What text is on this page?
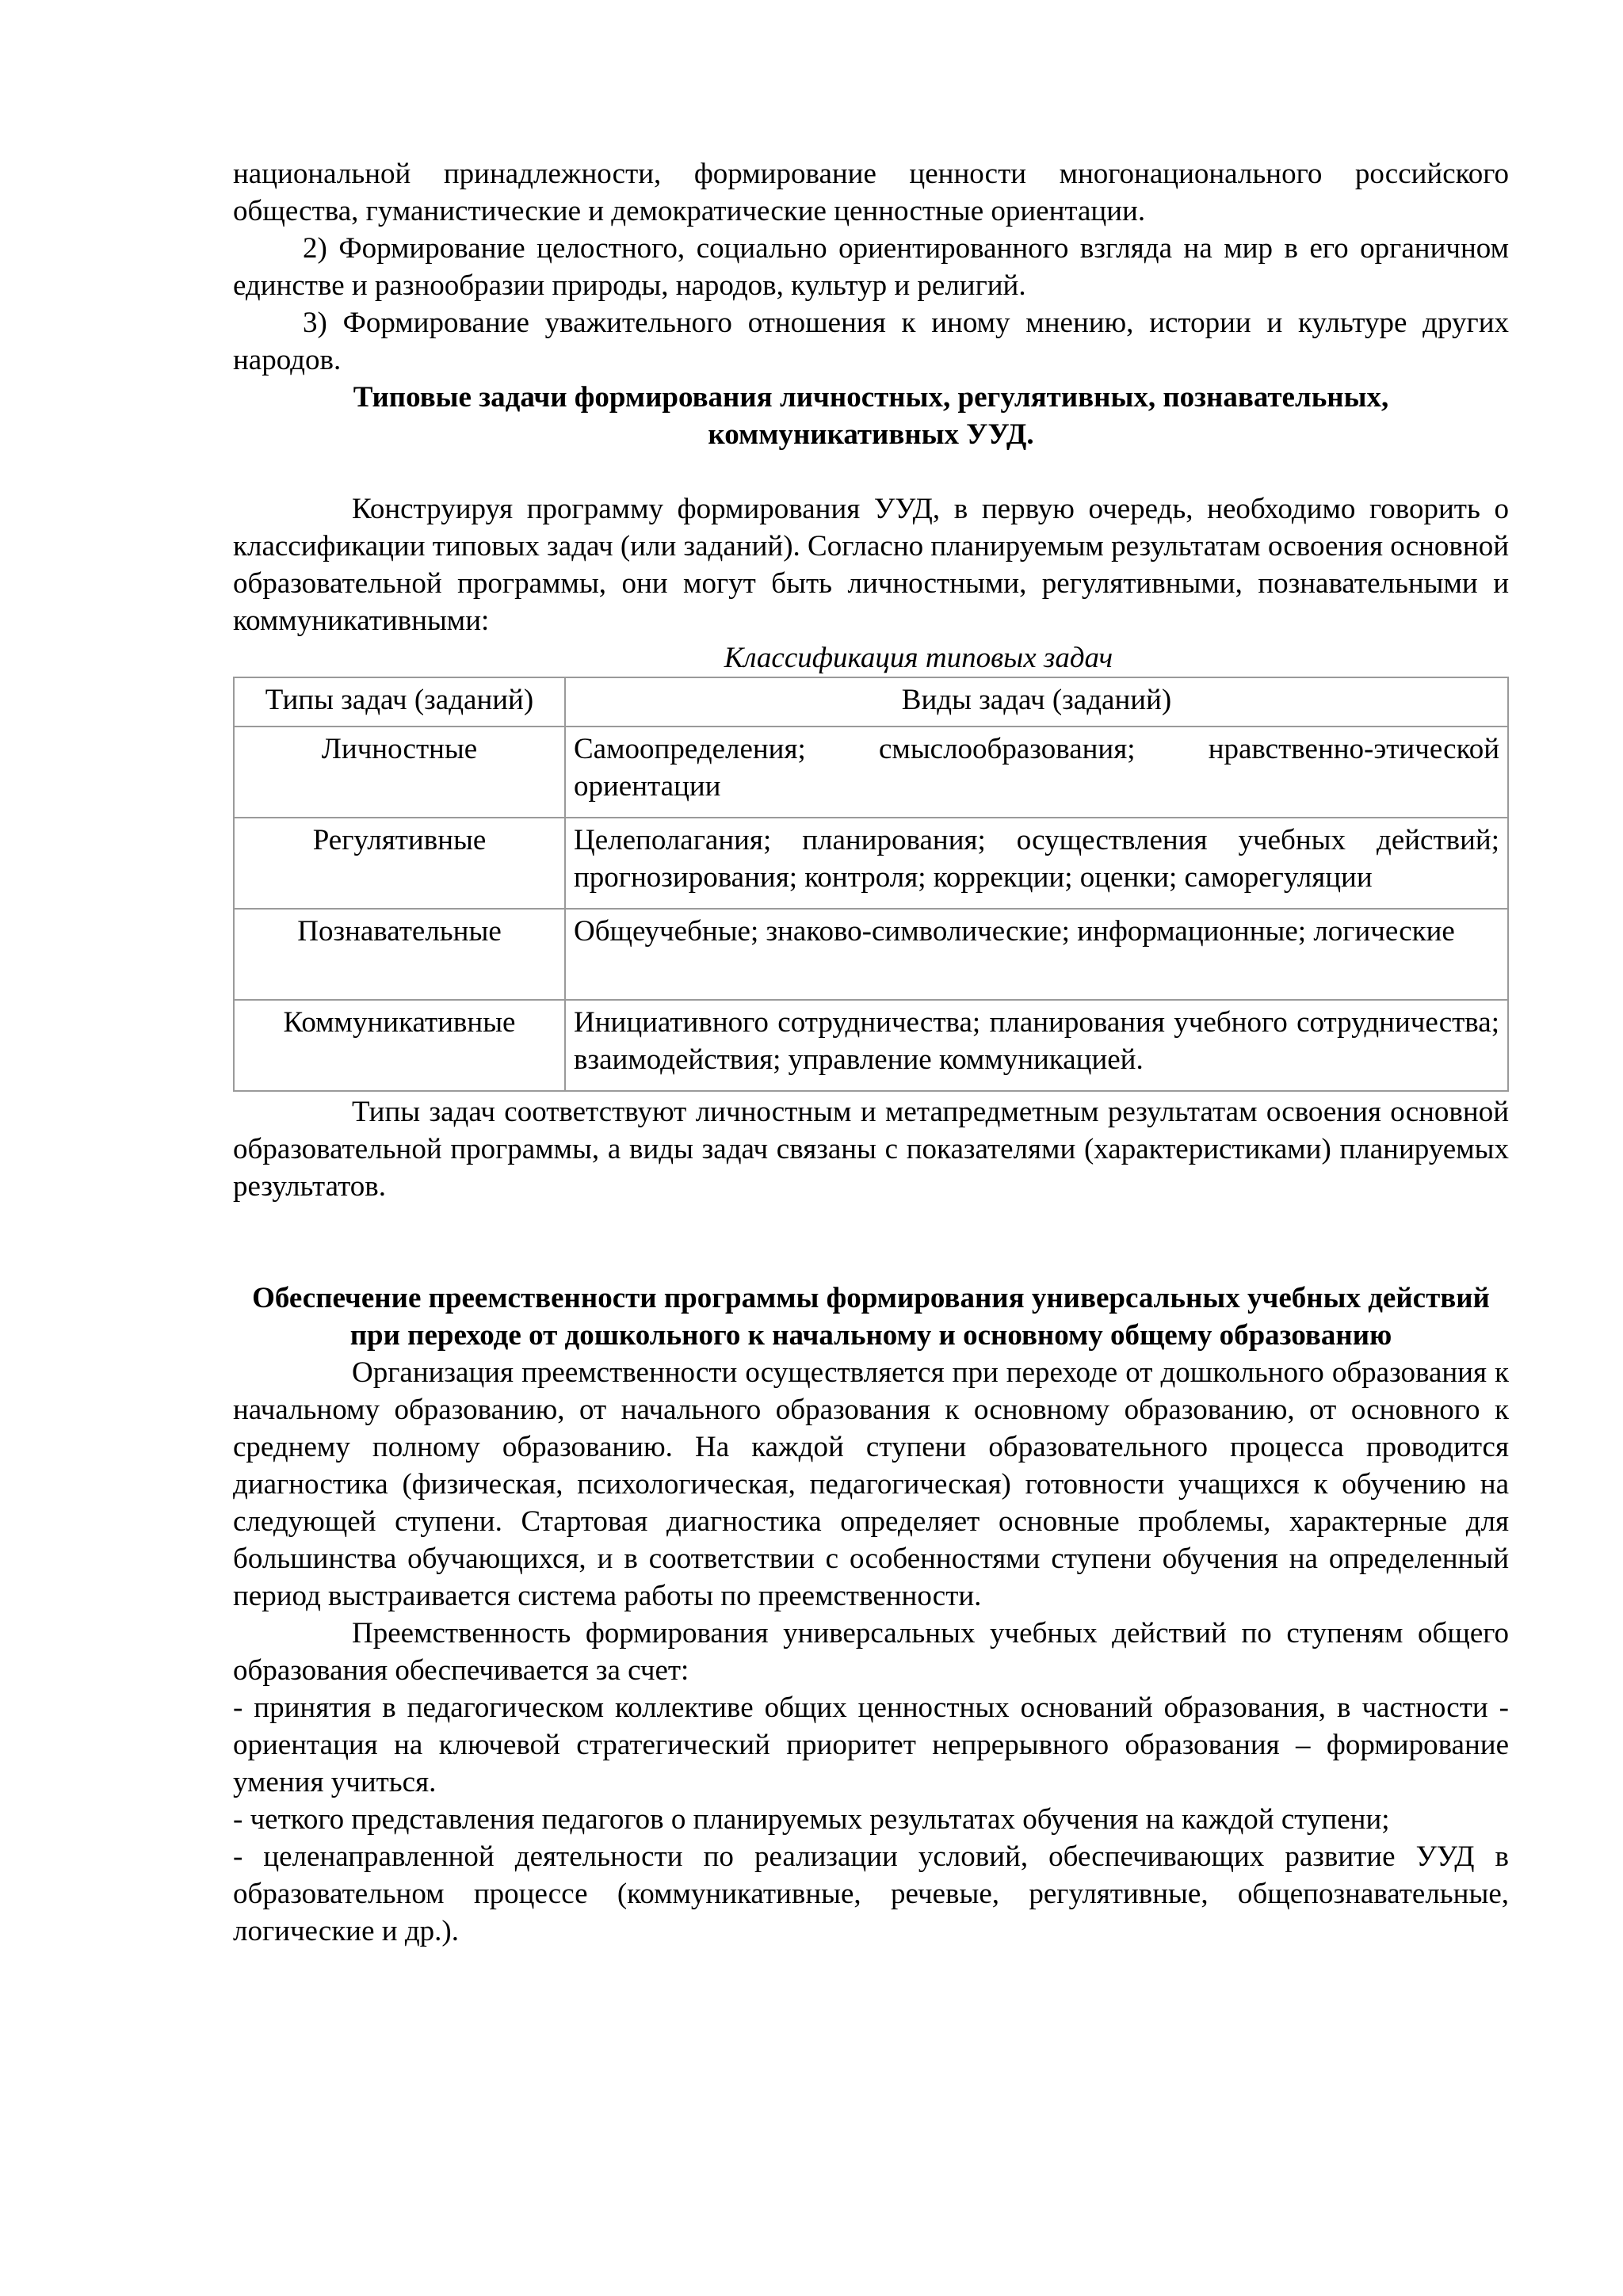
национальной принадлежности, формирование ценности многонационального российского общества, гуманистические и демократические ценностные ориентации.

2) Формирование целостного, социально ориентированного взгляда на мир в его органичном единстве и разнообразии природы, народов, культур и религий.

3) Формирование уважительного отношения к иному мнению, истории и культуре других народов.

Типовые задачи формирования личностных, регулятивных, познавательных, коммуникативных УУД.

Конструируя программу формирования УУД, в первую очередь, необходимо говорить о классификации типовых задач (или заданий). Согласно планируемым результатам освоения основной образовательной программы, они могут быть личностными, регулятивными, познавательными и коммуникативными:

Классификация типовых задач

Типы задач (заданий)	Виды задач (заданий)
Личностные	Самоопределения; смыслообразования; нравственно-этической ориентации
Регулятивные	Целеполагания; планирования; осуществления учебных действий; прогнозирования; контроля; коррекции; оценки; саморегуляции
Познавательные	Общеучебные; знаково-символические; информационные; логические
Коммуникативные	Инициативного сотрудничества; планирования учебного сотрудничества; взаимодействия; управление коммуникацией.

Типы задач соответствуют личностным и метапредметным результатам освоения основной образовательной программы, а виды задач связаны с показателями (характеристиками) планируемых результатов.

Обеспечение преемственности программы формирования универсальных учебных действий при переходе от дошкольного к начальному и основному общему образованию

Организация преемственности осуществляется при переходе от дошкольного образования к начальному образованию, от начального образования к основному образованию, от основного к среднему полному образованию. На каждой ступени образовательного процесса проводится диагностика (физическая, психологическая, педагогическая) готовности учащихся к обучению на следующей ступени. Стартовая диагностика определяет основные проблемы, характерные для большинства обучающихся, и в соответствии с особенностями ступени обучения на определенный период выстраивается система работы по преемственности.

Преемственность формирования универсальных учебных действий по ступеням общего образования обеспечивается за счет:

- принятия в педагогическом коллективе общих ценностных оснований образования, в частности - ориентация на ключевой стратегический приоритет непрерывного образования – формирование умения учиться.

- четкого представления педагогов о планируемых результатах обучения на каждой ступени;

- целенаправленной деятельности по реализации условий, обеспечивающих развитие УУД в образовательном процессе (коммуникативные, речевые, регулятивные, общепознавательные, логические и др.).
